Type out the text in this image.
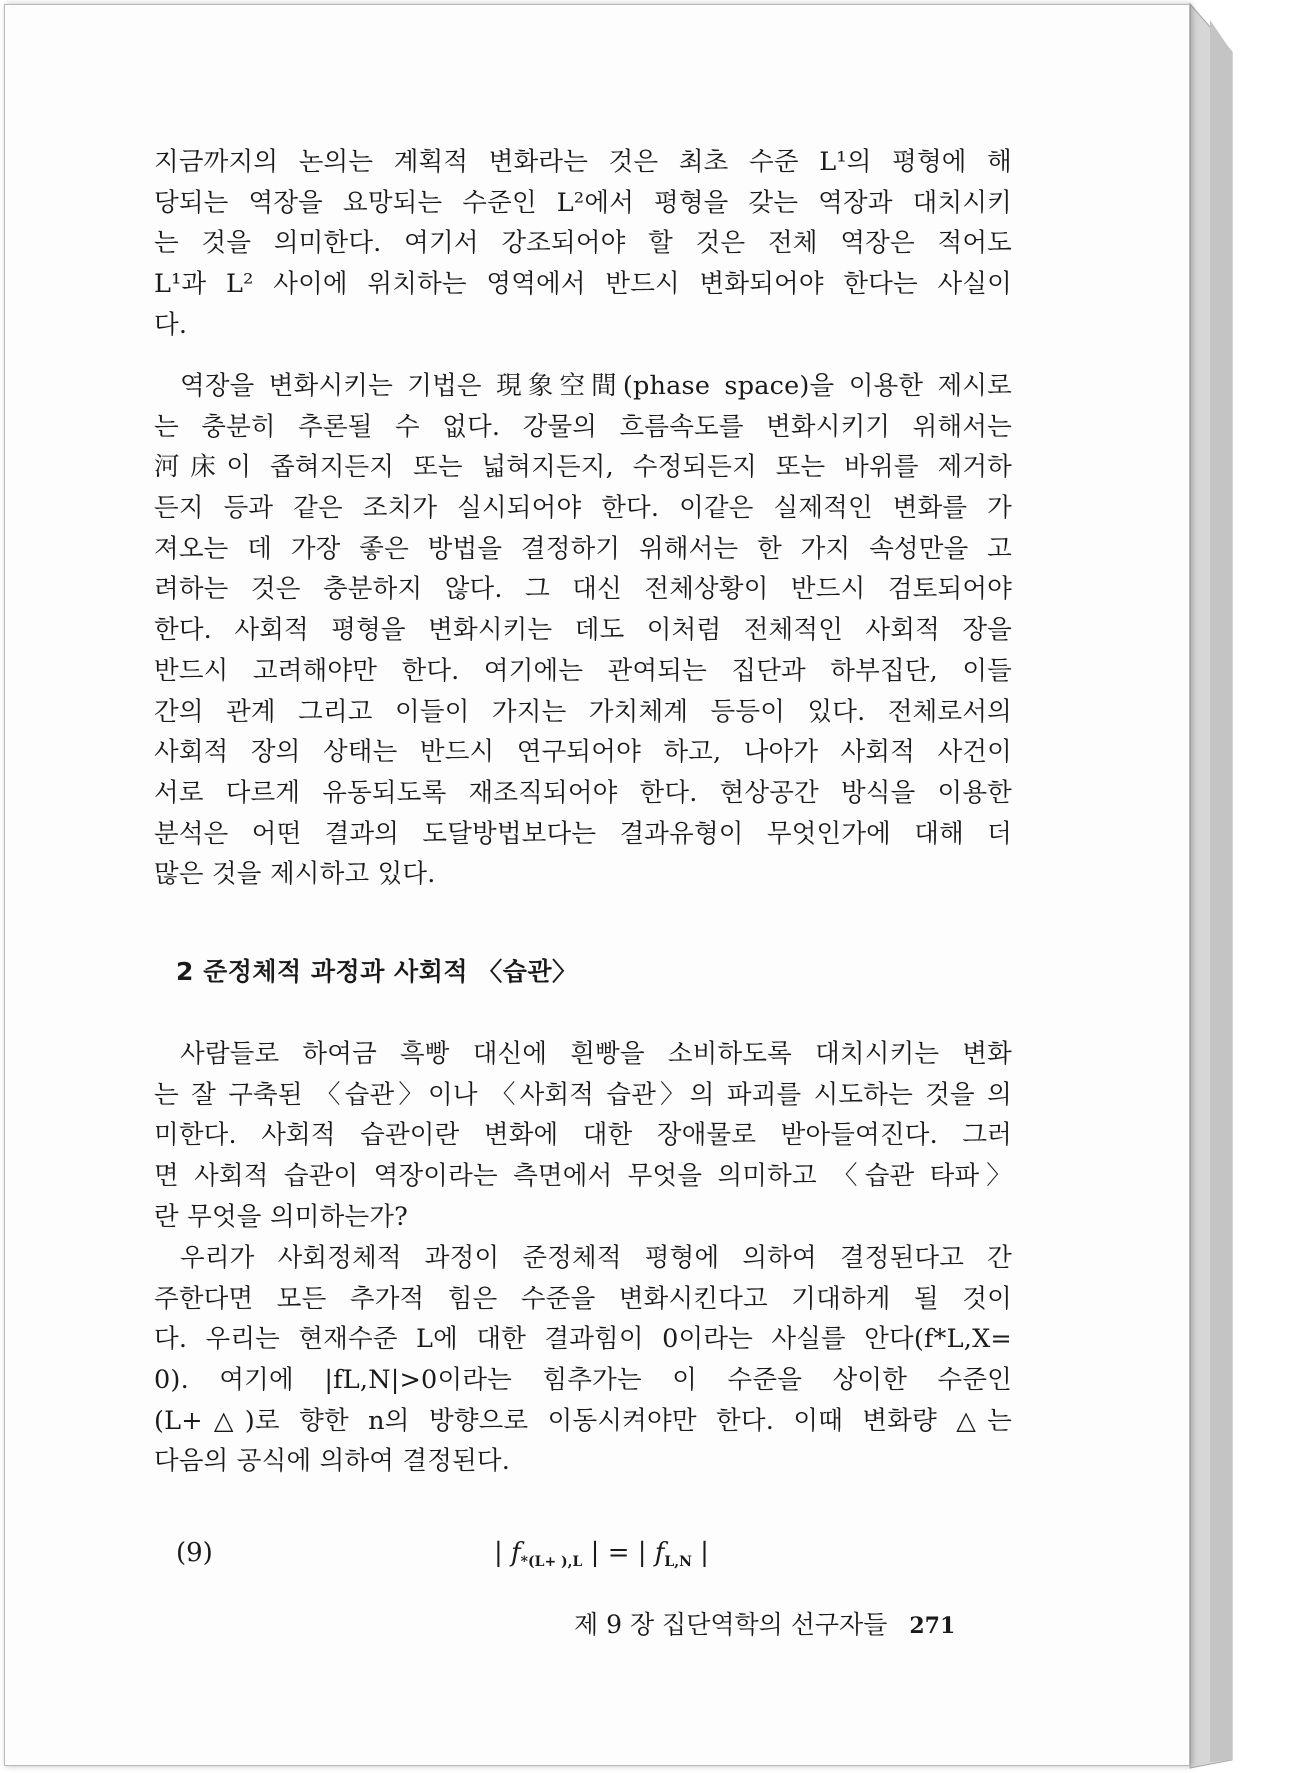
지금까지의 논의는 계획적 변화라는 것은 최초 수준 L¹의 평형에 해
당되는 역장을 요망되는 수준인 L²에서 평형을 갖는 역장과 대치시키
는 것을 의미한다. 여기서 강조되어야 할 것은 전체 역장은 적어도
L¹과 L² 사이에 위치하는 영역에서 반드시 변화되어야 한다는 사실이
다.
역장을 변화시키는 기법은 現象空間(phase space)을 이용한 제시로
는 충분히 추론될 수 없다. 강물의 흐름속도를 변화시키기 위해서는
河床이 좁혀지든지 또는 넓혀지든지, 수정되든지 또는 바위를 제거하
든지 등과 같은 조치가 실시되어야 한다. 이같은 실제적인 변화를 가
져오는 데 가장 좋은 방법을 결정하기 위해서는 한 가지 속성만을 고
려하는 것은 충분하지 않다. 그 대신 전체상황이 반드시 검토되어야
한다. 사회적 평형을 변화시키는 데도 이처럼 전체적인 사회적 장을
반드시 고려해야만 한다. 여기에는 관여되는 집단과 하부집단, 이들
간의 관계 그리고 이들이 가지는 가치체계 등등이 있다. 전체로서의
사회적 장의 상태는 반드시 연구되어야 하고, 나아가 사회적 사건이
서로 다르게 유동되도록 재조직되어야 한다. 현상공간 방식을 이용한
분석은 어떤 결과의 도달방법보다는 결과유형이 무엇인가에 대해 더
많은 것을 제시하고 있다.
2 준정체적 과정과 사회적 〈습관〉
사람들로 하여금 흑빵 대신에 흰빵을 소비하도록 대치시키는 변화
는 잘 구축된 〈습관〉이나 〈사회적 습관〉의 파괴를 시도하는 것을 의
미한다. 사회적 습관이란 변화에 대한 장애물로 받아들여진다. 그러
면 사회적 습관이 역장이라는 측면에서 무엇을 의미하고 〈습관 타파〉
란 무엇을 의미하는가?
우리가 사회정체적 과정이 준정체적 평형에 의하여 결정된다고 간
주한다면 모든 추가적 힘은 수준을 변화시킨다고 기대하게 될 것이
다. 우리는 현재수준 L에 대한 결과힘이 0이라는 사실를 안다(f*L,X=
0). 여기에 |fL,N|>0이라는 힘추가는 이 수준을 상이한 수준인
(L+△)로 향한 n의 방향으로 이동시켜야만 한다. 이때 변화량 △는
다음의 공식에 의하여 결정된다.
(9)	| $f_{*(L+ ),L}$ | = | $f_{L,N}$ |
제 9 장 집단역학의 선구자들 271
